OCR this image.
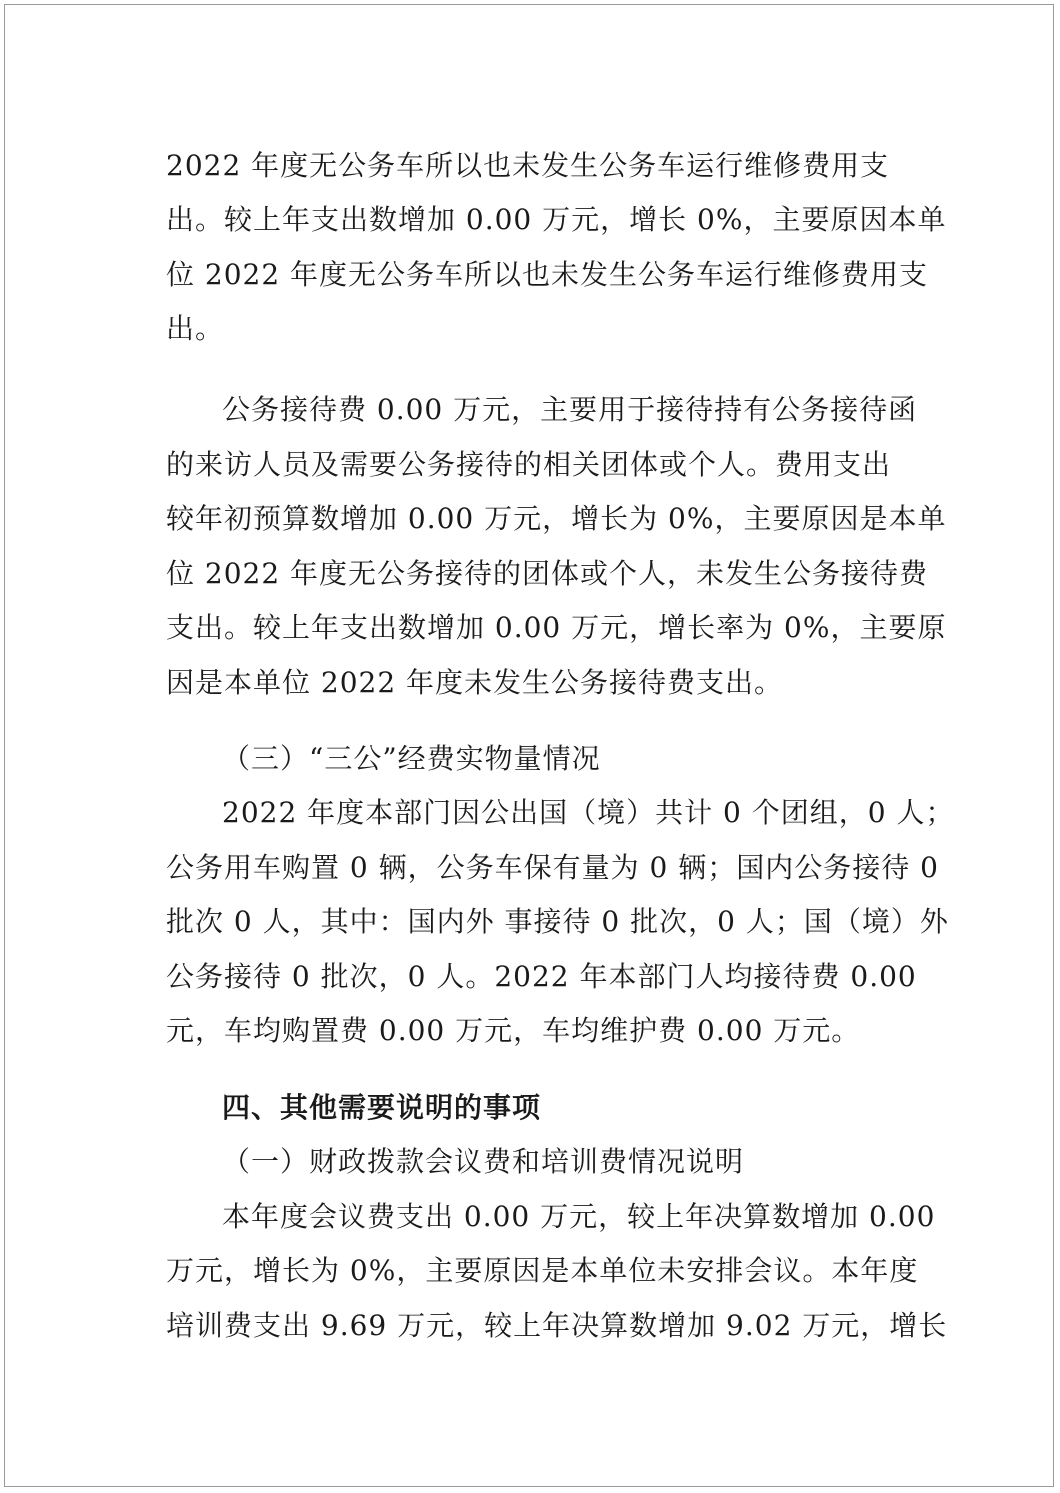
2022 年度无公务车所以也未发生公务车运行维修费用支

出。较上年支出数增加 0.00 万元，增长 0%，主要原因本单

位 2022 年度无公务车所以也未发生公务车运行维修费用支

出。

公务接待费 0.00 万元，主要用于接待持有公务接待函

的来访人员及需要公务接待的相关团体或个人。费用支出

较年初预算数增加 0.00 万元，增长为 0%，主要原因是本单

位 2022 年度无公务接待的团体或个人，未发生公务接待费

支出。较上年支出数增加 0.00 万元，增长率为 0%，主要原

因是本单位 2022 年度未发生公务接待费支出。

（三）“三公”经费实物量情况

2022 年度本部门因公出国（境）共计 0 个团组，0 人；

公务用车购置 0 辆，公务车保有量为 0 辆；国内公务接待 0

批次 0 人，其中：国内外 事接待 0 批次，0 人；国（境）外

公务接待 0 批次，0 人。2022 年本部门人均接待费 0.00

元，车均购置费 0.00 万元，车均维护费 0.00 万元。

四、其他需要说明的事项

（一）财政拨款会议费和培训费情况说明

本年度会议费支出 0.00 万元，较上年决算数增加 0.00

万元，增长为 0%，主要原因是本单位未安排会议。本年度

培训费支出 9.69 万元，较上年决算数增加 9.02 万元，增长
